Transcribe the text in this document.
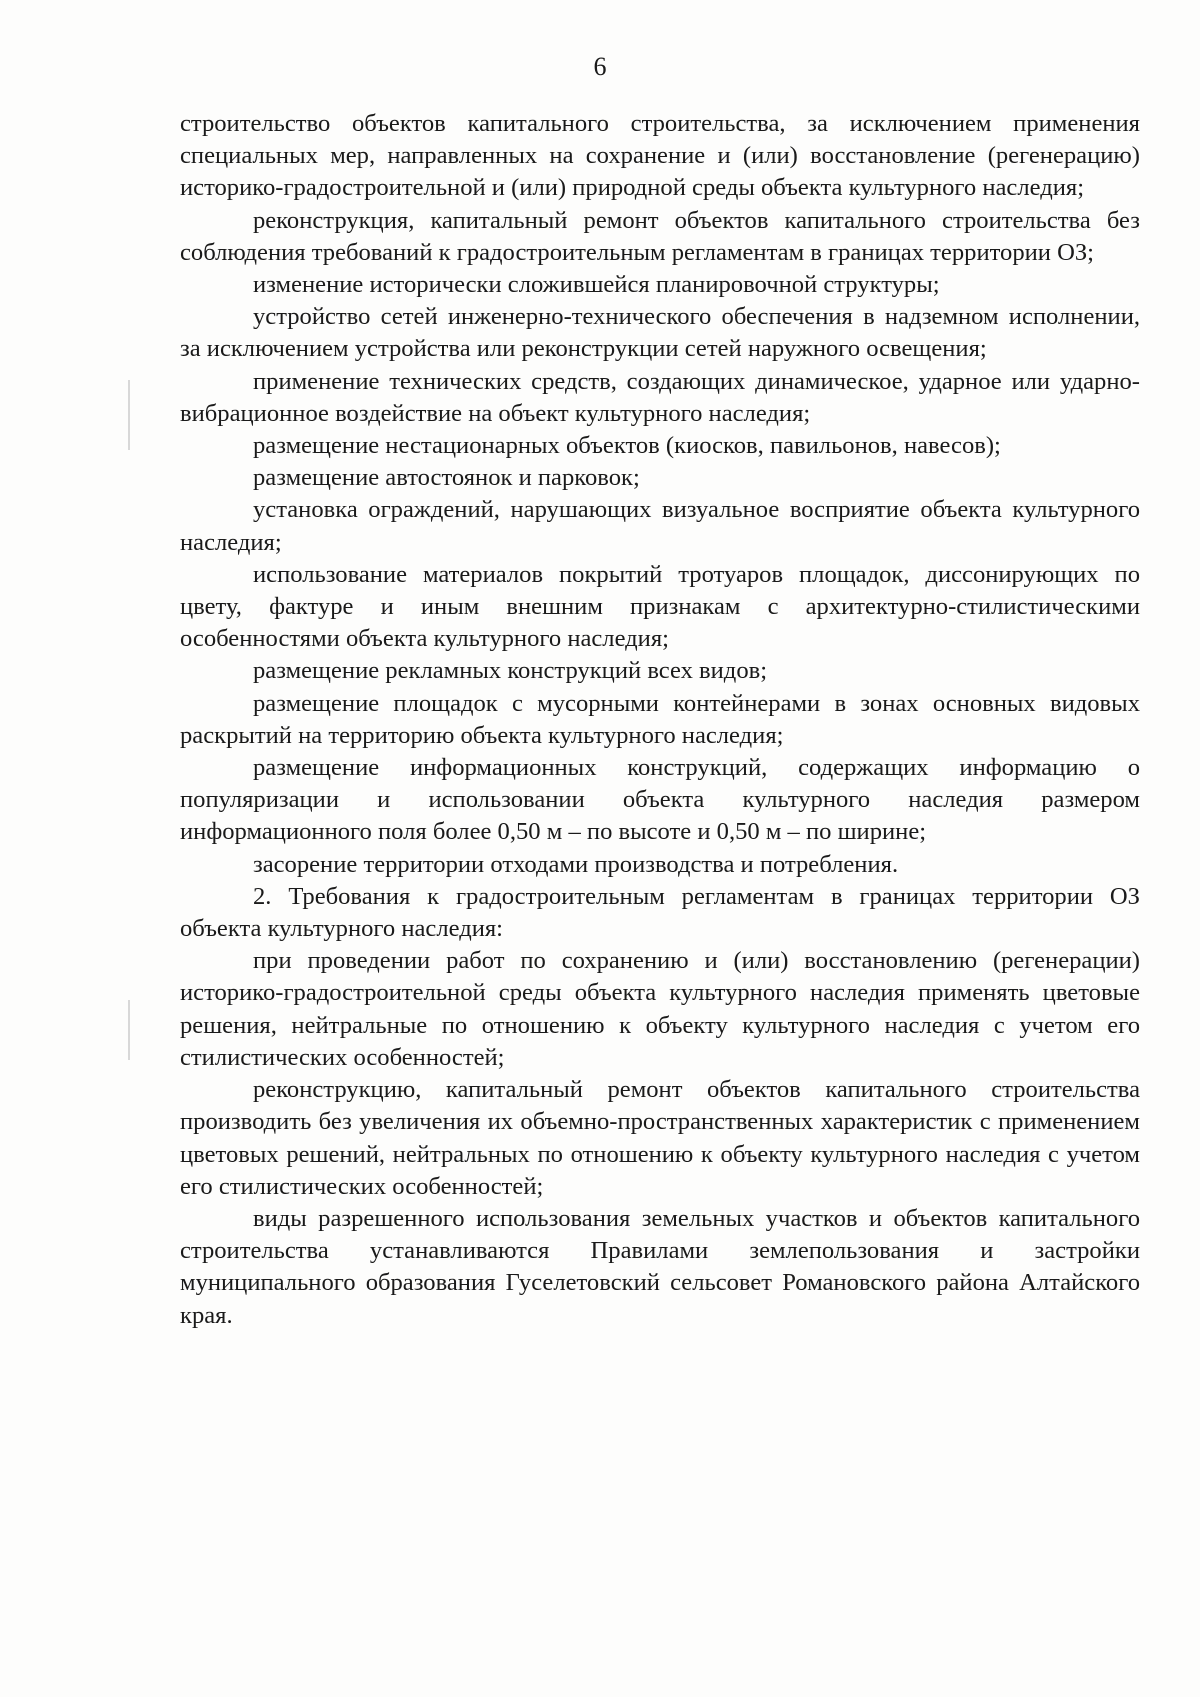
6

строительство объектов капитального строительства, за исключением применения специальных мер, направленных на сохранение и (или) восстановление (регенерацию) историко-градостроительной и (или) природной среды объекта культурного наследия;

реконструкция, капитальный ремонт объектов капитального строительства без соблюдения требований к градостроительным регламентам в границах территории ОЗ;

изменение исторически сложившейся планировочной структуры;

устройство сетей инженерно-технического обеспечения в надземном исполнении, за исключением устройства или реконструкции сетей наружного освещения;

применение технических средств, создающих динамическое, ударное или ударно-вибрационное воздействие на объект культурного наследия;

размещение нестационарных объектов (киосков, павильонов, навесов);

размещение автостоянок и парковок;

установка ограждений, нарушающих визуальное восприятие объекта культурного наследия;

использование материалов покрытий тротуаров площадок, диссонирующих по цвету, фактуре и иным внешним признакам с архитектурно-стилистическими особенностями объекта культурного наследия;

размещение рекламных конструкций всех видов;

размещение площадок с мусорными контейнерами в зонах основных видовых раскрытий на территорию объекта культурного наследия;

размещение информационных конструкций, содержащих информацию о популяризации и использовании объекта культурного наследия размером информационного поля более 0,50 м – по высоте и 0,50 м – по ширине;

засорение территории отходами производства и потребления.

2. Требования к градостроительным регламентам в границах территории ОЗ объекта культурного наследия:

при проведении работ по сохранению и (или) восстановлению (регенерации) историко-градостроительной среды объекта культурного наследия применять цветовые решения, нейтральные по отношению к объекту культурного наследия с учетом его стилистических особенностей;

реконструкцию, капитальный ремонт объектов капитального строительства производить без увеличения их объемно-пространственных характеристик с применением цветовых решений, нейтральных по отношению к объекту культурного наследия с учетом его стилистических особенностей;

виды разрешенного использования земельных участков и объектов капитального строительства устанавливаются Правилами землепользования и застройки муниципального образования Гуселетовский сельсовет Романовского района Алтайского края.
